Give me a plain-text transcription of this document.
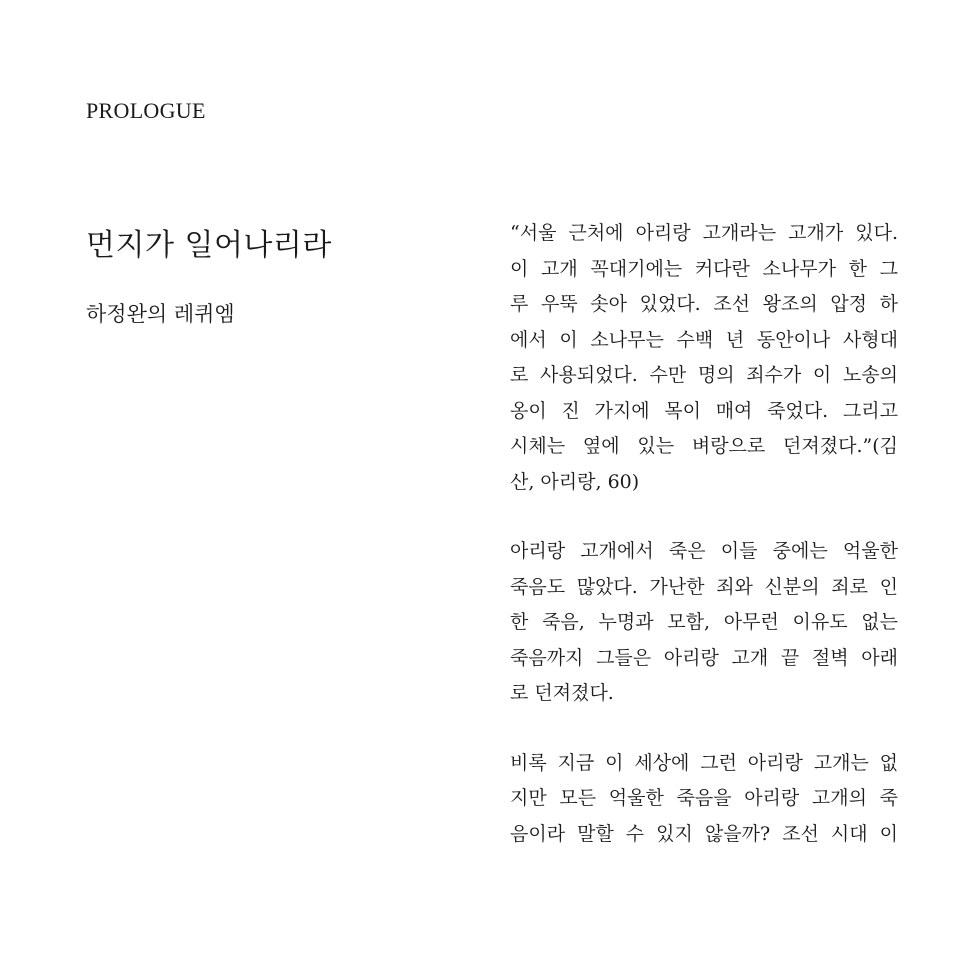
PROLOGUE
먼지가 일어나리라
하정완의 레퀴엠
“서울 근처에 아리랑 고개라는 고개가 있다.
이 고개 꼭대기에는 커다란 소나무가 한 그
루 우뚝 솟아 있었다. 조선 왕조의 압정 하
에서 이 소나무는 수백 년 동안이나 사형대
로 사용되었다. 수만 명의 죄수가 이 노송의
옹이 진 가지에 목이 매여 죽었다. 그리고
시체는 옆에 있는 벼랑으로 던져졌다.”(김
산, 아리랑, 60)
아리랑 고개에서 죽은 이들 중에는 억울한
죽음도 많았다. 가난한 죄와 신분의 죄로 인
한 죽음, 누명과 모함, 아무런 이유도 없는
죽음까지 그들은 아리랑 고개 끝 절벽 아래
로 던져졌다.
비록 지금 이 세상에 그런 아리랑 고개는 없
지만 모든 억울한 죽음을 아리랑 고개의 죽
음이라 말할 수 있지 않을까? 조선 시대 이
